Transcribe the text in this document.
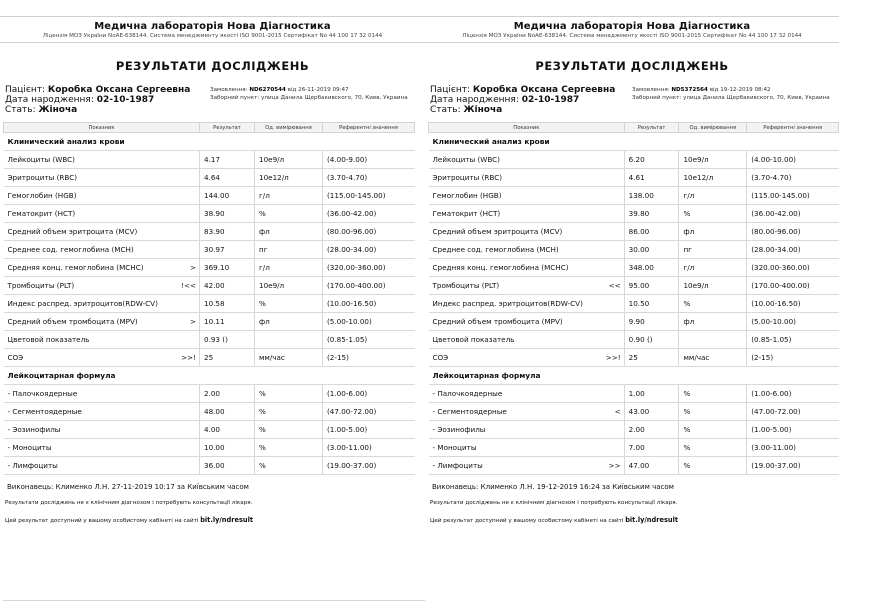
Медична лабораторія Нова Діагностика
Ліцензія МОЗ України NoAE-638144. Система менеджменту якості ISO 9001-2015 Сертифікат No 44 100 17 32 0144
РЕЗУЛЬТАТИ ДОСЛІДЖЕНЬ
Пацієнт: Коробка Оксана Сергеевна
Дата народження: 02-10-1987
Стать: Жіноча
Замовлення: ND6270544 від 26-11-2019 09:47
Заборний пункт: улица Данила Щербакивского, 70, Киев, Украина
Показник	Результат	Од. вимірювання	Референтні значення
Клинический анализ крови			
Лейкоциты (WBC)	4.17	10e9/л	(4.00-9.00)
Эритроциты (RBC)	4.64	10e12/л	(3.70-4.70)
Гемоглобин (HGB)	144.00	г/л	(115.00-145.00)
Гематокрит (HCT)	38.90	%	(36.00-42.00)
Средний объем эритроцита (MCV)	83.90	фл	(80.00-96.00)
Среднее сод. гемоглобина (MCH)	30.97	пг	(28.00-34.00)
Средняя конц. гемоглобина (MCHC) >	369.10	г/л	(320.00-360.00)
Тромбоциты (PLT) !<<	42.00	10e9/л	(170.00-400.00)
Индекс распред. эритроцитов(RDW-CV)	10.58	%	(10.00-16.50)
Средний объем тромбоцита (MPV) >	10.11	фл	(5.00-10.00)
Цветовой показатель	0.93 ()		(0.85-1.05)
СОЭ >>!	25	мм/час	(2-15)
Лейкоцитарная формула			
- Палочкоядерные	2.00	%	(1.00-6.00)
- Сегментоядерные	48.00	%	(47.00-72.00)
- Эозинофилы	4.00	%	(1.00-5.00)
- Моноциты	10.00	%	(3.00-11.00)
- Лимфоциты	36.00	%	(19.00-37.00)
Виконавець: Клименко Л.Н. 27-11-2019 10:17 за Київським часом
Результати досліджень не є клінічним діагнозом і потребують консультації лікаря.
Цей результат доступний у вашому особистому кабінеті на сайті bit.ly/ndresult
Медична лабораторія Нова Діагностика
Ліцензія МОЗ України NoAE-638144. Система менеджменту якості ISO 9001-2015 Сертифікат No 44 100 17 32 0144
РЕЗУЛЬТАТИ ДОСЛІДЖЕНЬ
Пацієнт: Коробка Оксана Сергеевна
Дата народження: 02-10-1987
Стать: Жіноча
Замовлення: ND5372564 від 19-12-2019 08:42
Заборний пункт: улица Данила Щербакивского, 70, Киев, Украина
Показник	Результат	Од. вимірювання	Референтні значення
Клинический анализ крови			
Лейкоциты (WBC)	6.20	10e9/л	(4.00-10.00)
Эритроциты (RBC)	4.61	10e12/л	(3.70-4.70)
Гемоглобин (HGB)	138.00	г/л	(115.00-145.00)
Гематокрит (HCT)	39.80	%	(36.00-42.00)
Средний объем эритроцита (MCV)	86.00	фл	(80.00-96.00)
Среднее сод. гемоглобина (MCH)	30.00	пг	(28.00-34.00)
Средняя конц. гемоглобина (MCHC)	348.00	г/л	(320.00-360.00)
Тромбоциты (PLT) <<	95.00	10e9/л	(170.00-400.00)
Индекс распред. эритроцитов(RDW-CV)	10.50	%	(10.00-16.50)
Средний объем тромбоцита (MPV)	9.90	фл	(5.00-10.00)
Цветовой показатель	0.90 ()		(0.85-1.05)
СОЭ >>!	25	мм/час	(2-15)
Лейкоцитарная формула			
- Палочкоядерные	1.00	%	(1.00-6.00)
- Сегментоядерные <	43.00	%	(47.00-72.00)
- Эозинофилы	2.00	%	(1.00-5.00)
- Моноциты	7.00	%	(3.00-11.00)
- Лимфоциты >>	47.00	%	(19.00-37.00)
Виконавець: Клименко Л.Н. 19-12-2019 16:24 за Київським часом
Результати досліджень не є клінічним діагнозом і потребують консультації лікаря.
Цей результат доступний у вашому особистому кабінеті на сайті bit.ly/ndresult
